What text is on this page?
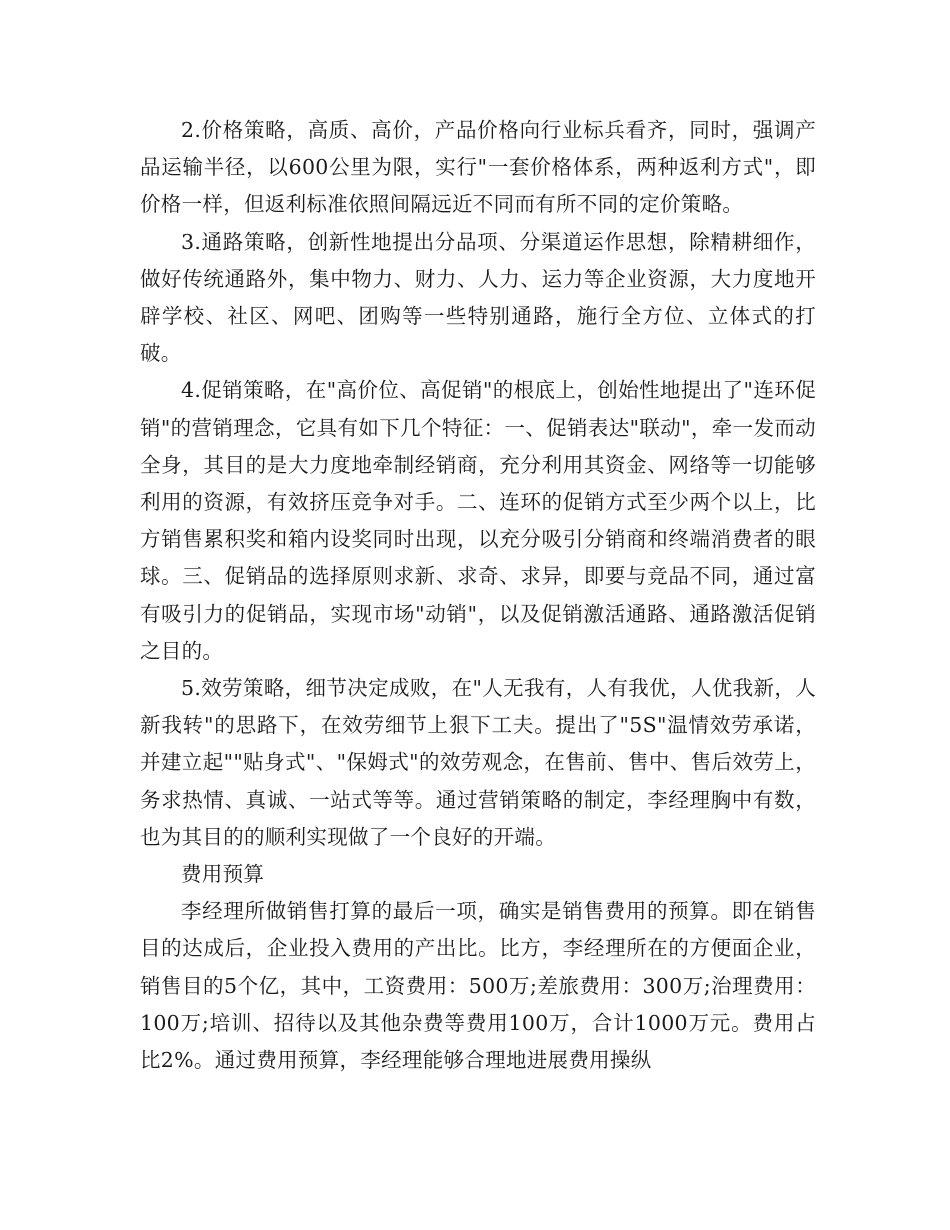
2.价格策略，高质、高价，产品价格向行业标兵看齐，同时，强调产品运输半径，以600公里为限，实行"一套价格体系，两种返利方式"，即价格一样，但返利标准依照间隔远近不同而有所不同的定价策略。

3.通路策略，创新性地提出分品项、分渠道运作思想，除精耕细作，做好传统通路外，集中物力、财力、人力、运力等企业资源，大力度地开辟学校、社区、网吧、团购等一些特别通路，施行全方位、立体式的打破。

4.促销策略，在"高价位、高促销"的根底上，创始性地提出了"连环促销"的营销理念，它具有如下几个特征：一、促销表达"联动"，牵一发而动全身，其目的是大力度地牵制经销商，充分利用其资金、网络等一切能够利用的资源，有效挤压竞争对手。二、连环的促销方式至少两个以上，比方销售累积奖和箱内设奖同时出现，以充分吸引分销商和终端消费者的眼球。三、促销品的选择原则求新、求奇、求异，即要与竞品不同，通过富有吸引力的促销品，实现市场"动销"，以及促销激活通路、通路激活促销之目的。

5.效劳策略，细节决定成败，在"人无我有，人有我优，人优我新，人新我转"的思路下，在效劳细节上狠下工夫。提出了"5S"温情效劳承诺，并建立起""贴身式"、"保姆式"的效劳观念，在售前、售中、售后效劳上，务求热情、真诚、一站式等等。通过营销策略的制定，李经理胸中有数，也为其目的的顺利实现做了一个良好的开端。

费用预算

李经理所做销售打算的最后一项，确实是销售费用的预算。即在销售目的达成后，企业投入费用的产出比。比方，李经理所在的方便面企业，销售目的5个亿，其中，工资费用：500万;差旅费用：300万;治理费用：100万;培训、招待以及其他杂费等费用100万，合计1000万元。费用占比2%。通过费用预算，李经理能够合理地进展费用操纵
